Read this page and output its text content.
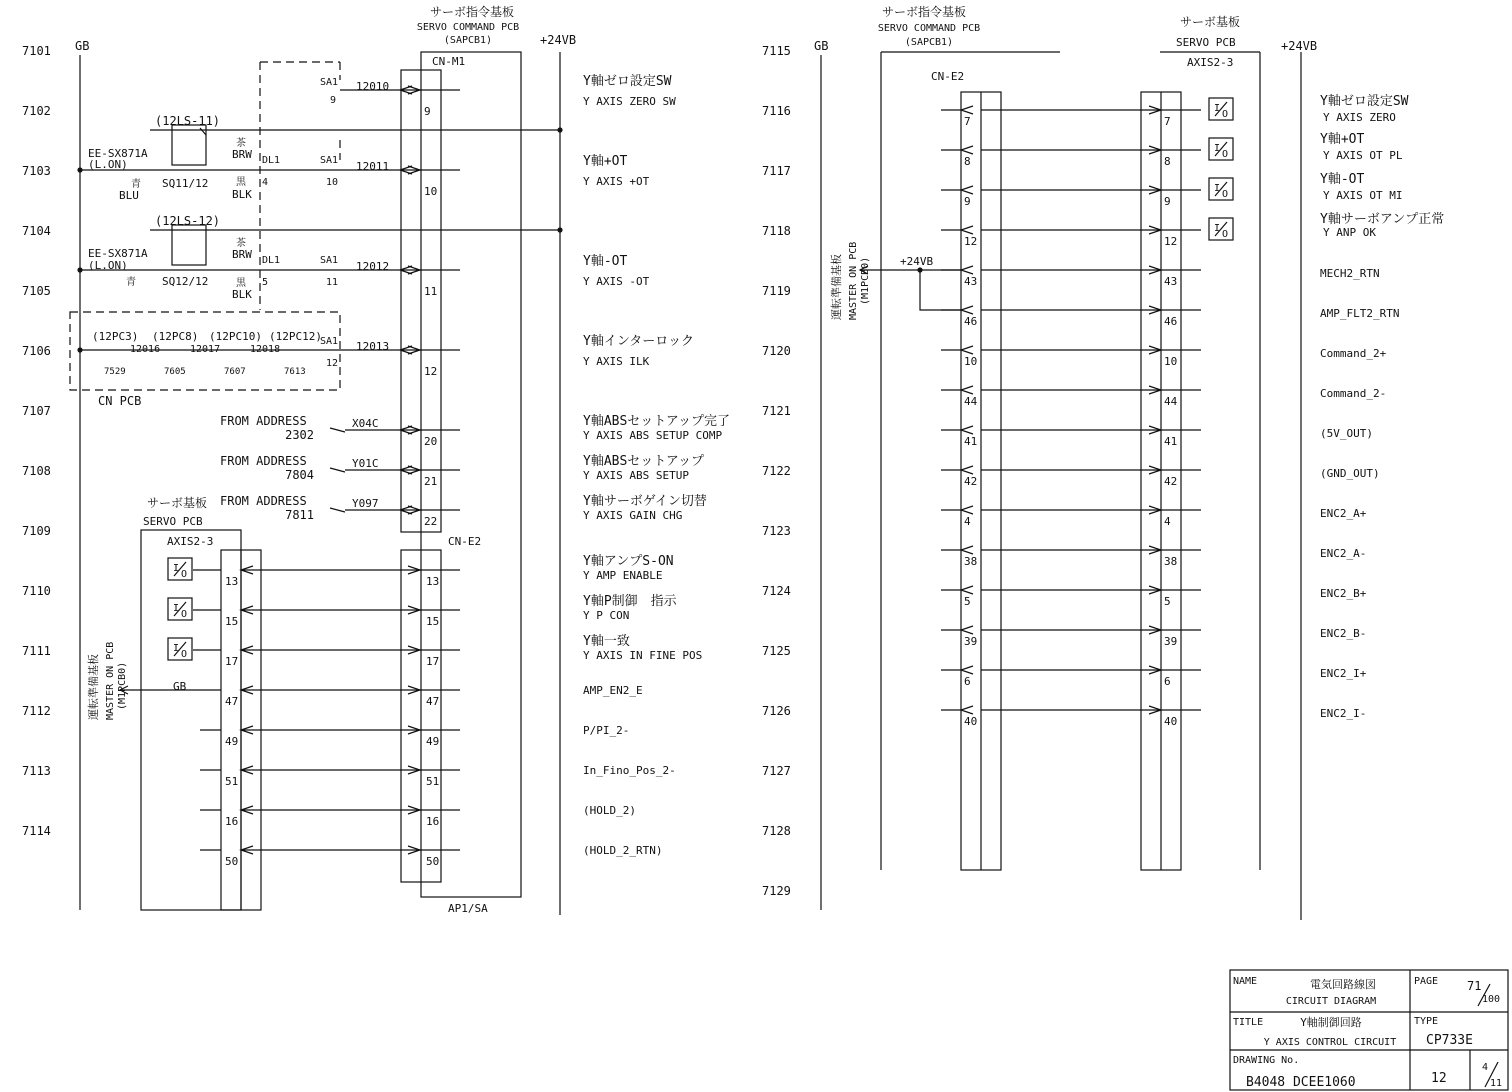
7101
7102
7103
7104
7105
7106
7107
7108
7109
7110
7111
7112
7113
7114
GB	+24VB
サーボ指令基板
SERVO COMMAND PCB
(SAPCB1)
CN-M1
CN-E2
AP1/SA
SA1
9
12010
9
(12LS-11)
EE-SX871A
(L.ON)
茶
BRW
青
BLU
SQ11/12	黒
BLK
DL1
4
SA1
10
12011
10
(12LS-12)
EE-SX871A
(L.ON)
茶
BRW
青 SQ12/12	黒
BLK
DL1
5
SA1
11
12012
11
CN PCB
(12PC3) (12PC8) (12PC10) (12PC12)
12016	12017	12018
7529	7605	7607	7613
SA1
12
12013
12
FROM ADDRESS
2302
X04C
20
FROM ADDRESS
7804
Y01C
21
FROM ADDRESS
7811
Y097
22
サーボ基板
SERVO PCB
AXIS2-3
運転準備基板 MASTER ON PCB (M1PCB0)	GB
I
O
13	13
I
O
15	15
I
O
17	17
47	47
49	49
51	51
16	16
50	50
Y軸ゼロ設定SW
Y AXIS ZERO SW
Y軸+OT
Y AXIS +OT
Y軸-OT
Y AXIS -OT
Y軸インターロック
Y AXIS ILK
Y軸ABSセットアップ完了
Y AXIS ABS SETUP COMP
Y軸ABSセットアップ
Y AXIS ABS SETUP
Y軸サーボゲイン切替
Y AXIS GAIN CHG
Y軸アンプS-ON
Y AMP ENABLE
Y軸P制御　指示
Y P CON
Y軸一致
Y AXIS IN FINE POS
AMP_EN2_E
P/PI_2-
In_Fino_Pos_2-
(HOLD_2)
(HOLD_2_RTN)
7115
7116
7117
7118
7119
7120
7121
7122
7123
7124
7125
7126
7127
7128
7129
GB	+24VB
サーボ指令基板
SERVO COMMAND PCB
(SAPCB1)
CN-E2
サーボ基板
SERVO PCB
AXIS2-3
運転準備基板 MASTER ON PCB (M1PCB0)	+24VB
7	7
I
O
8	8
I
O
9	9
I
O
12	12
I
O
43	43
46	46
10	10
44	44
41	41
42	42
4	4
38	38
5	5
39	39
6	6
40	40
Y軸ゼロ設定SW
Y AXIS ZERO
Y軸+OT
Y AXIS OT PL
Y軸-OT
Y AXIS OT MI
Y軸サーボアンプ正常
Y ANP OK
MECH2_RTN
AMP_FLT2_RTN
Command_2+
Command_2-
(5V_OUT)
(GND_OUT)
ENC2_A+
ENC2_A-
ENC2_B+
ENC2_B-
ENC2_I+
ENC2_I-
NAME	電気回路線図
CIRCUIT DIAGRAM
PAGE 71
100
TITLE	Y軸制御回路
Y AXIS CONTROL CIRCUIT
TYPE
CP733E
DRAWING No.
B4048 DCEE1060	12
4
11
